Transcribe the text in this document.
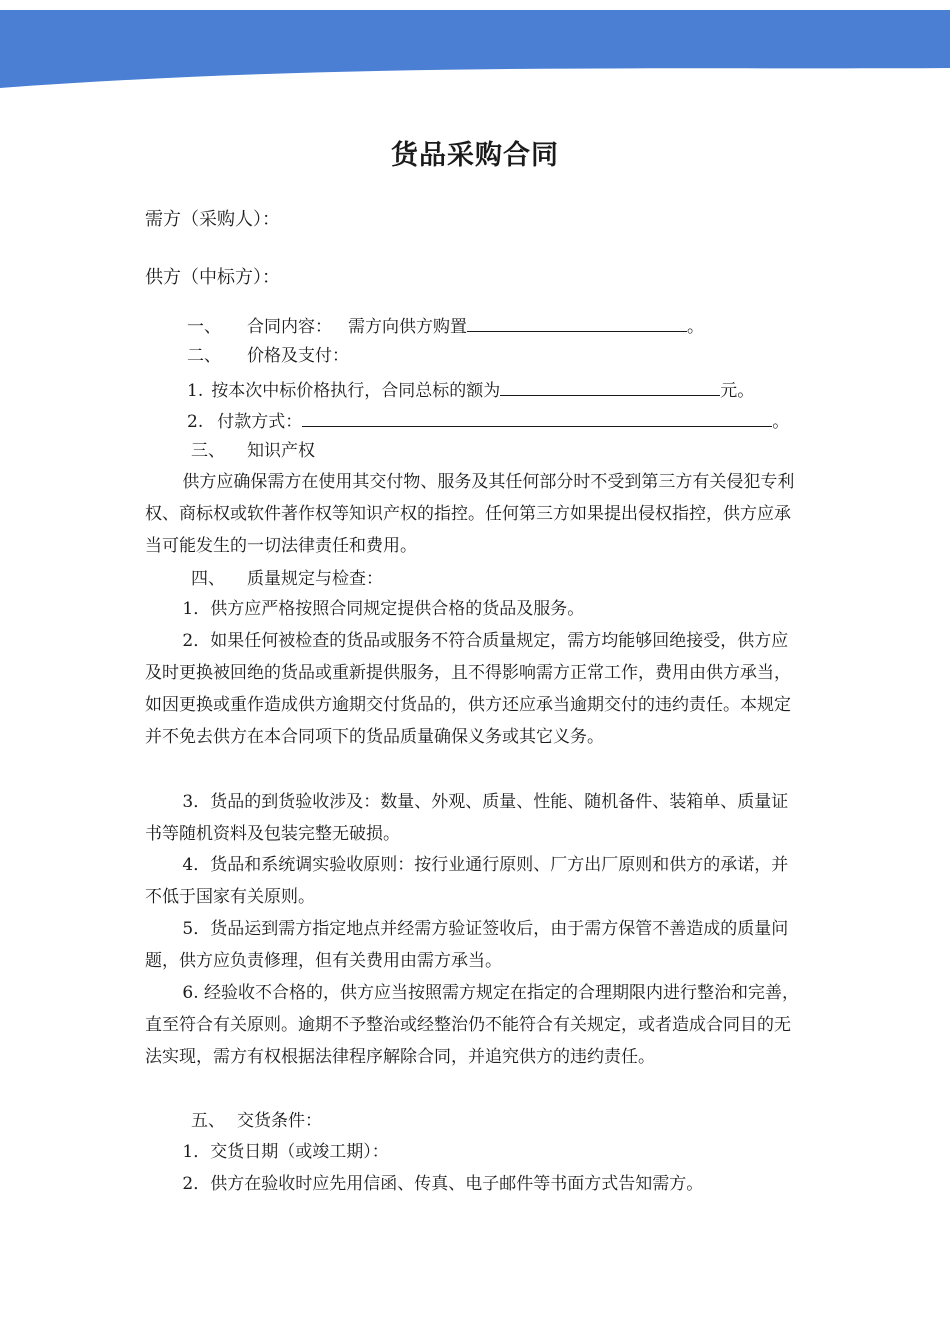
货品采购合同
需方（采购人）：
供方（中标方）：
一、 合同内容： 需方向供方购置	。
二、 价格及支付：
1. 按本次中标价格执行，合同总标的额为	元。
2. 付款方式：	。
三、 知识产权
供方应确保需方在使用其交付物、服务及其任何部分时不受到第三方有关侵犯专利权、商标权或软件著作权等知识产权的指控。任何第三方如果提出侵权指控，供方应承当可能发生的一切法律责任和费用。
四、 质量规定与检查：
1．供方应严格按照合同规定提供合格的货品及服务。
2．如果任何被检查的货品或服务不符合质量规定，需方均能够回绝接受，供方应及时更换被回绝的货品或重新提供服务，且不得影响需方正常工作，费用由供方承当，如因更换或重作造成供方逾期交付货品的，供方还应承当逾期交付的违约责任。本规定并不免去供方在本合同项下的货品质量确保义务或其它义务。
3．货品的到货验收涉及：数量、外观、质量、性能、随机备件、装箱单、质量证书等随机资料及包装完整无破损。
4．货品和系统调实验收原则：按行业通行原则、厂方出厂原则和供方的承诺，并不低于国家有关原则。
5．货品运到需方指定地点并经需方验证签收后，由于需方保管不善造成的质量问题，供方应负责修理，但有关费用由需方承当。
6. 经验收不合格的，供方应当按照需方规定在指定的合理期限内进行整治和完善，直至符合有关原则。逾期不予整治或经整治仍不能符合有关规定，或者造成合同目的无法实现，需方有权根据法律程序解除合同，并追究供方的违约责任。
五、 交货条件：
1．交货日期（或竣工期）：
2．供方在验收时应先用信函、传真、电子邮件等书面方式告知需方。
